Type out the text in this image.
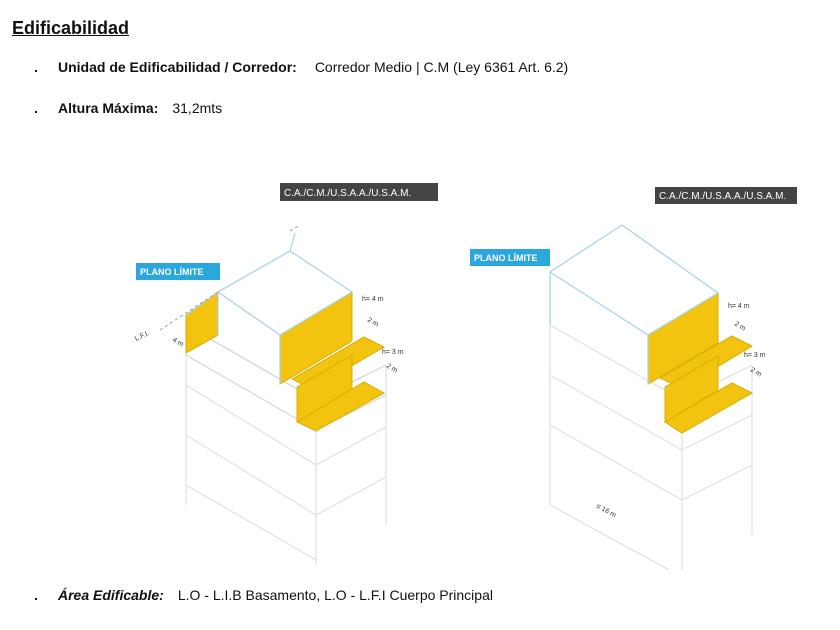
Edificabilidad
. Unidad de Edificabilidad / Corredor: Corredor Medio | C.M (Ley 6361 Art. 6.2)
. Altura Máxima: 31,2mts
C.A./C.M./U.S.A.A./U.S.A.M.
PLANO LÍMITE
L.F.I.	4 m
h= 4 m
2 m
h= 3 m
2 m
C.A./C.M./U.S.A.A./U.S.A.M.
PLANO LÍMITE
h= 4 m
2 m
h= 3 m
2 m
≤ 16 m
. Área Edificable: L.O - L.I.B Basamento, L.O - L.F.I Cuerpo Principal
